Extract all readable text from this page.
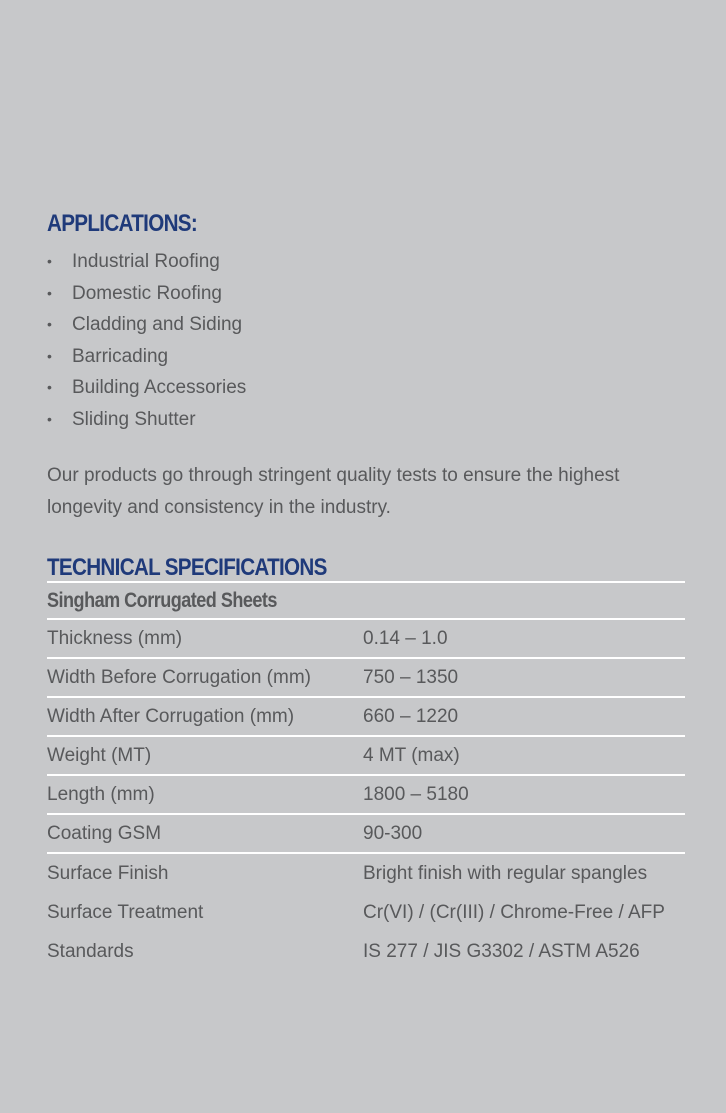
APPLICATIONS:
• Industrial Roofing
• Domestic Roofing
• Cladding and Siding
• Barricading
• Building Accessories
• Sliding Shutter

Our products go through stringent quality tests to ensure the highest longevity and consistency in the industry.

TECHNICAL SPECIFICATIONS
Singham Corrugated Sheets
Thickness (mm)	0.14 – 1.0
Width Before Corrugation (mm)	750 – 1350
Width After Corrugation (mm)	660 – 1220
Weight (MT)	4 MT (max)
Length (mm)	1800 – 5180
Coating GSM	90-300
Surface Finish	Bright finish with regular spangles
Surface Treatment	Cr(VI) / (Cr(III) / Chrome-Free / AFP
Standards	IS 277 / JIS G3302 / ASTM A526
